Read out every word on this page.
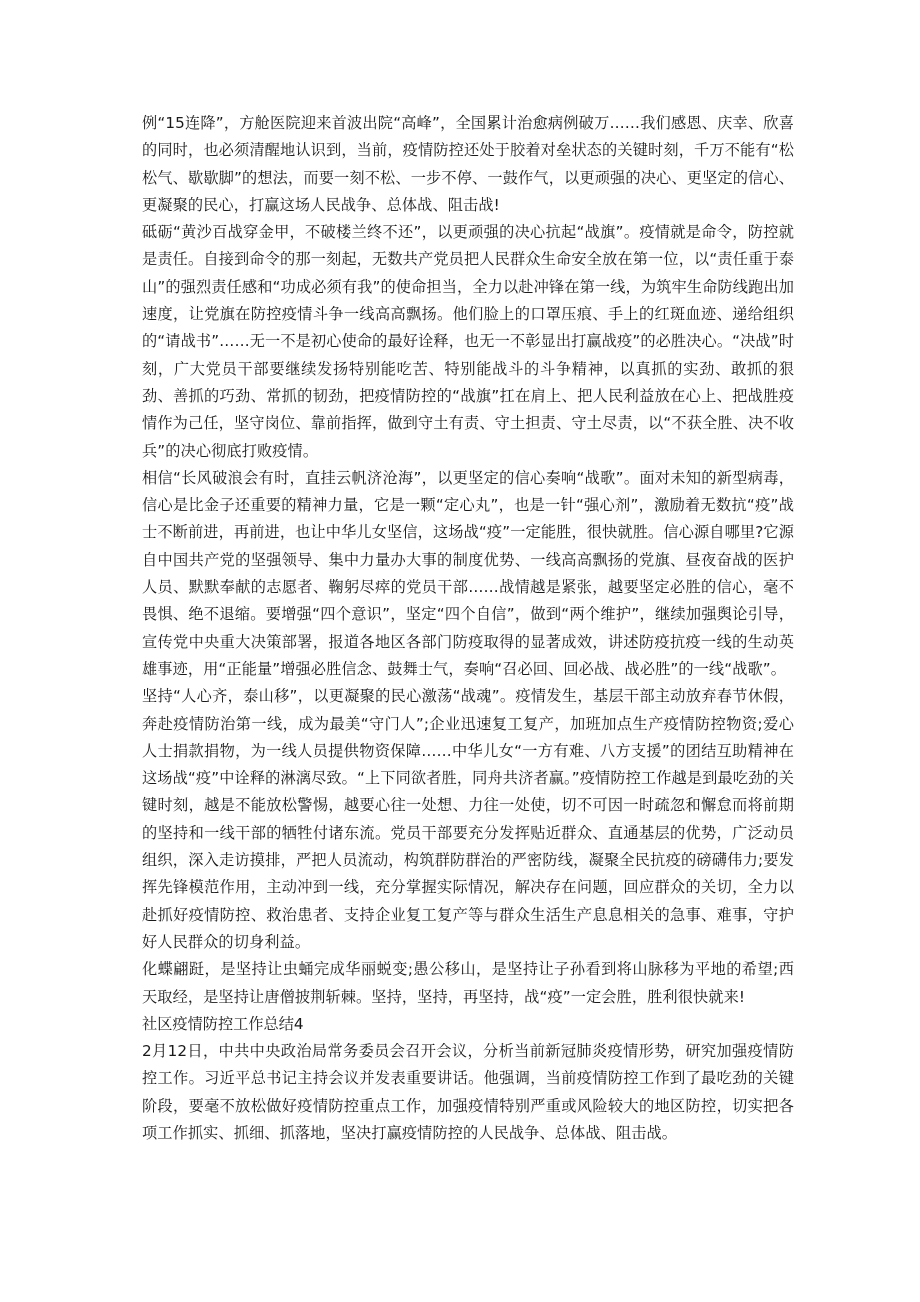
例“15连降”，方舱医院迎来首波出院“高峰”，全国累计治愈病例破万……我们感恩、庆幸、欣喜的同时，也必须清醒地认识到，当前，疫情防控还处于胶着对垒状态的关键时刻，千万不能有“松松气、歇歇脚”的想法，而要一刻不松、一步不停、一鼓作气，以更顽强的决心、更坚定的信心、更凝聚的民心，打赢这场人民战争、总体战、阻击战!

砥砺“黄沙百战穿金甲，不破楼兰终不还”，以更顽强的决心抗起“战旗”。疫情就是命令，防控就是责任。自接到命令的那一刻起，无数共产党员把人民群众生命安全放在第一位，以“责任重于泰山”的强烈责任感和“功成必须有我”的使命担当，全力以赴冲锋在第一线，为筑牢生命防线跑出加速度，让党旗在防控疫情斗争一线高高飘扬。他们脸上的口罩压痕、手上的红斑血迹、递给组织的“请战书”……无一不是初心使命的最好诠释，也无一不彰显出打赢战疫”的必胜决心。“决战”时刻，广大党员干部要继续发扬特别能吃苦、特别能战斗的斗争精神，以真抓的实劲、敢抓的狠劲、善抓的巧劲、常抓的韧劲，把疫情防控的“战旗”扛在肩上、把人民利益放在心上、把战胜疫情作为己任，坚守岗位、靠前指挥，做到守土有责、守土担责、守土尽责，以“不获全胜、决不收兵”的决心彻底打败疫情。

相信“长风破浪会有时，直挂云帆济沧海”，以更坚定的信心奏响“战歌”。面对未知的新型病毒，信心是比金子还重要的精神力量，它是一颗“定心丸”，也是一针“强心剂”，激励着无数抗“疫”战士不断前进，再前进，也让中华儿女坚信，这场战“疫”一定能胜，很快就胜。信心源自哪里?它源自中国共产党的坚强领导、集中力量办大事的制度优势、一线高高飘扬的党旗、昼夜奋战的医护人员、默默奉献的志愿者、鞠躬尽瘁的党员干部……战情越是紧张，越要坚定必胜的信心，毫不畏惧、绝不退缩。要增强“四个意识”，坚定“四个自信”，做到“两个维护”，继续加强舆论引导，宣传党中央重大决策部署，报道各地区各部门防疫取得的显著成效，讲述防疫抗疫一线的生动英雄事迹，用“正能量”增强必胜信念、鼓舞士气，奏响“召必回、回必战、战必胜”的一线“战歌”。

坚持“人心齐，泰山移”，以更凝聚的民心激荡“战魂”。疫情发生，基层干部主动放弃春节休假，奔赴疫情防治第一线，成为最美“守门人”;企业迅速复工复产，加班加点生产疫情防控物资;爱心人士捐款捐物，为一线人员提供物资保障……中华儿女“一方有难、八方支援”的团结互助精神在这场战“疫”中诠释的淋漓尽致。“上下同欲者胜，同舟共济者赢。”疫情防控工作越是到最吃劲的关键时刻，越是不能放松警惕，越要心往一处想、力往一处使，切不可因一时疏忽和懈怠而将前期的坚持和一线干部的牺牲付诸东流。党员干部要充分发挥贴近群众、直通基层的优势，广泛动员组织，深入走访摸排，严把人员流动，构筑群防群治的严密防线，凝聚全民抗疫的磅礴伟力;要发挥先锋模范作用，主动冲到一线，充分掌握实际情况，解决存在问题，回应群众的关切，全力以赴抓好疫情防控、救治患者、支持企业复工复产等与群众生活生产息息相关的急事、难事，守护好人民群众的切身利益。

化蝶翩跹，是坚持让虫蛹完成华丽蜕变;愚公移山，是坚持让子孙看到将山脉移为平地的希望;西天取经，是坚持让唐僧披荆斩棘。坚持，坚持，再坚持，战“疫”一定会胜，胜利很快就来!

社区疫情防控工作总结4

2月12日，中共中央政治局常务委员会召开会议，分析当前新冠肺炎疫情形势，研究加强疫情防控工作。习近平总书记主持会议并发表重要讲话。他强调，当前疫情防控工作到了最吃劲的关键阶段，要毫不放松做好疫情防控重点工作，加强疫情特别严重或风险较大的地区防控，切实把各项工作抓实、抓细、抓落地，坚决打赢疫情防控的人民战争、总体战、阻击战。
